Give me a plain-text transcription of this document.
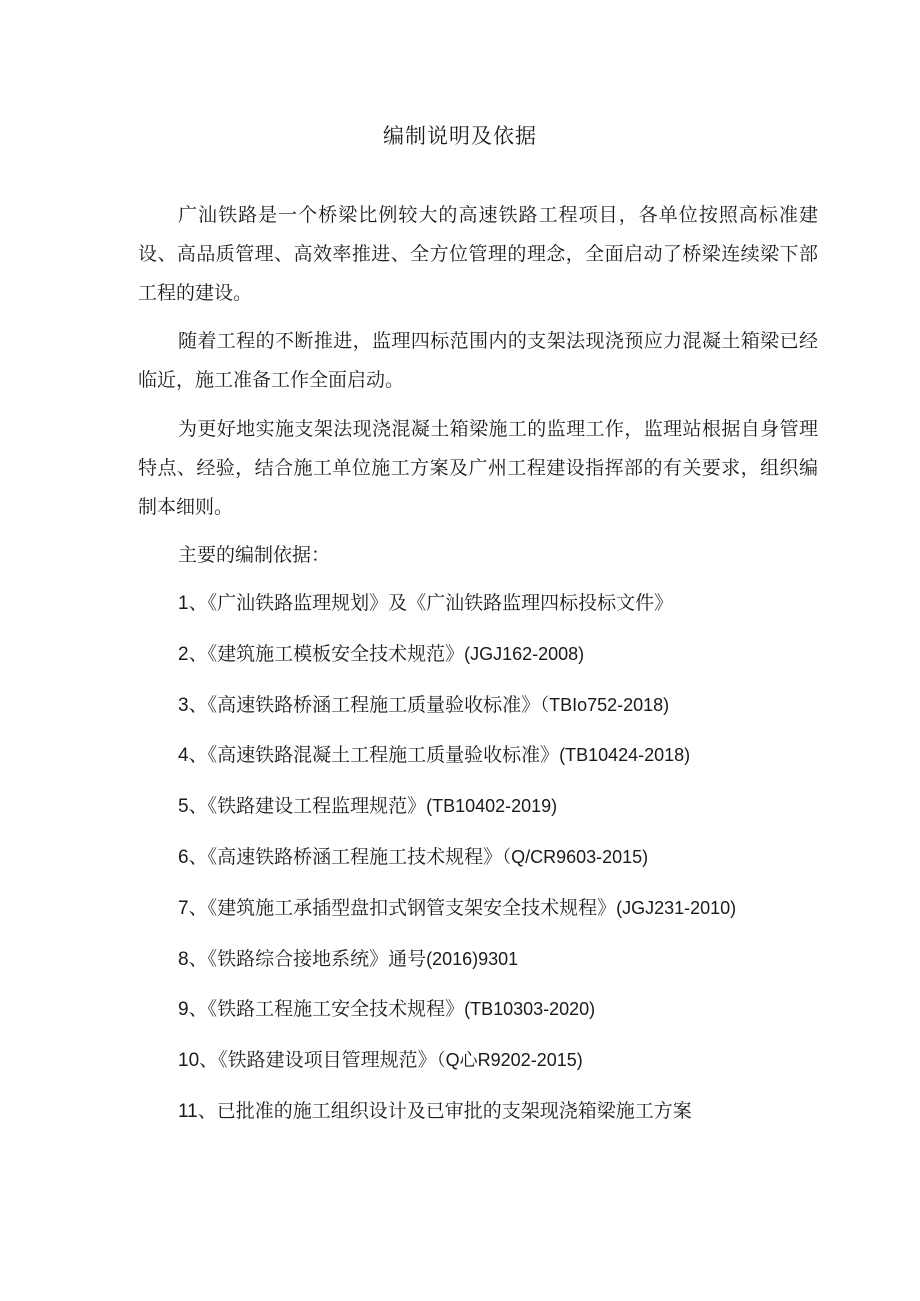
编制说明及依据

广汕铁路是一个桥梁比例较大的高速铁路工程项目，各单位按照高标准建设、高品质管理、高效率推进、全方位管理的理念，全面启动了桥梁连续梁下部工程的建设。

随着工程的不断推进，监理四标范围内的支架法现浇预应力混凝土箱梁已经临近，施工准备工作全面启动。

为更好地实施支架法现浇混凝土箱梁施工的监理工作，监理站根据自身管理特点、经验，结合施工单位施工方案及广州工程建设指挥部的有关要求，组织编制本细则。

主要的编制依据：

1、《广汕铁路监理规划》及《广汕铁路监理四标投标文件》
2、《建筑施工模板安全技术规范》(JGJ162-2008)
3、《高速铁路桥涵工程施工质量验收标准》（TBIo752-2018)
4、《高速铁路混凝土工程施工质量验收标准》(TB10424-2018)
5、《铁路建设工程监理规范》(TB10402-2019)
6、《高速铁路桥涵工程施工技术规程》（Q/CR9603-2015)
7、《建筑施工承插型盘扣式钢管支架安全技术规程》(JGJ231-2010)
8、《铁路综合接地系统》通号(2016)9301
9、《铁路工程施工安全技术规程》(TB10303-2020)
10、《铁路建设项目管理规范》（Q心R9202-2015)
11、已批准的施工组织设计及已审批的支架现浇箱梁施工方案
